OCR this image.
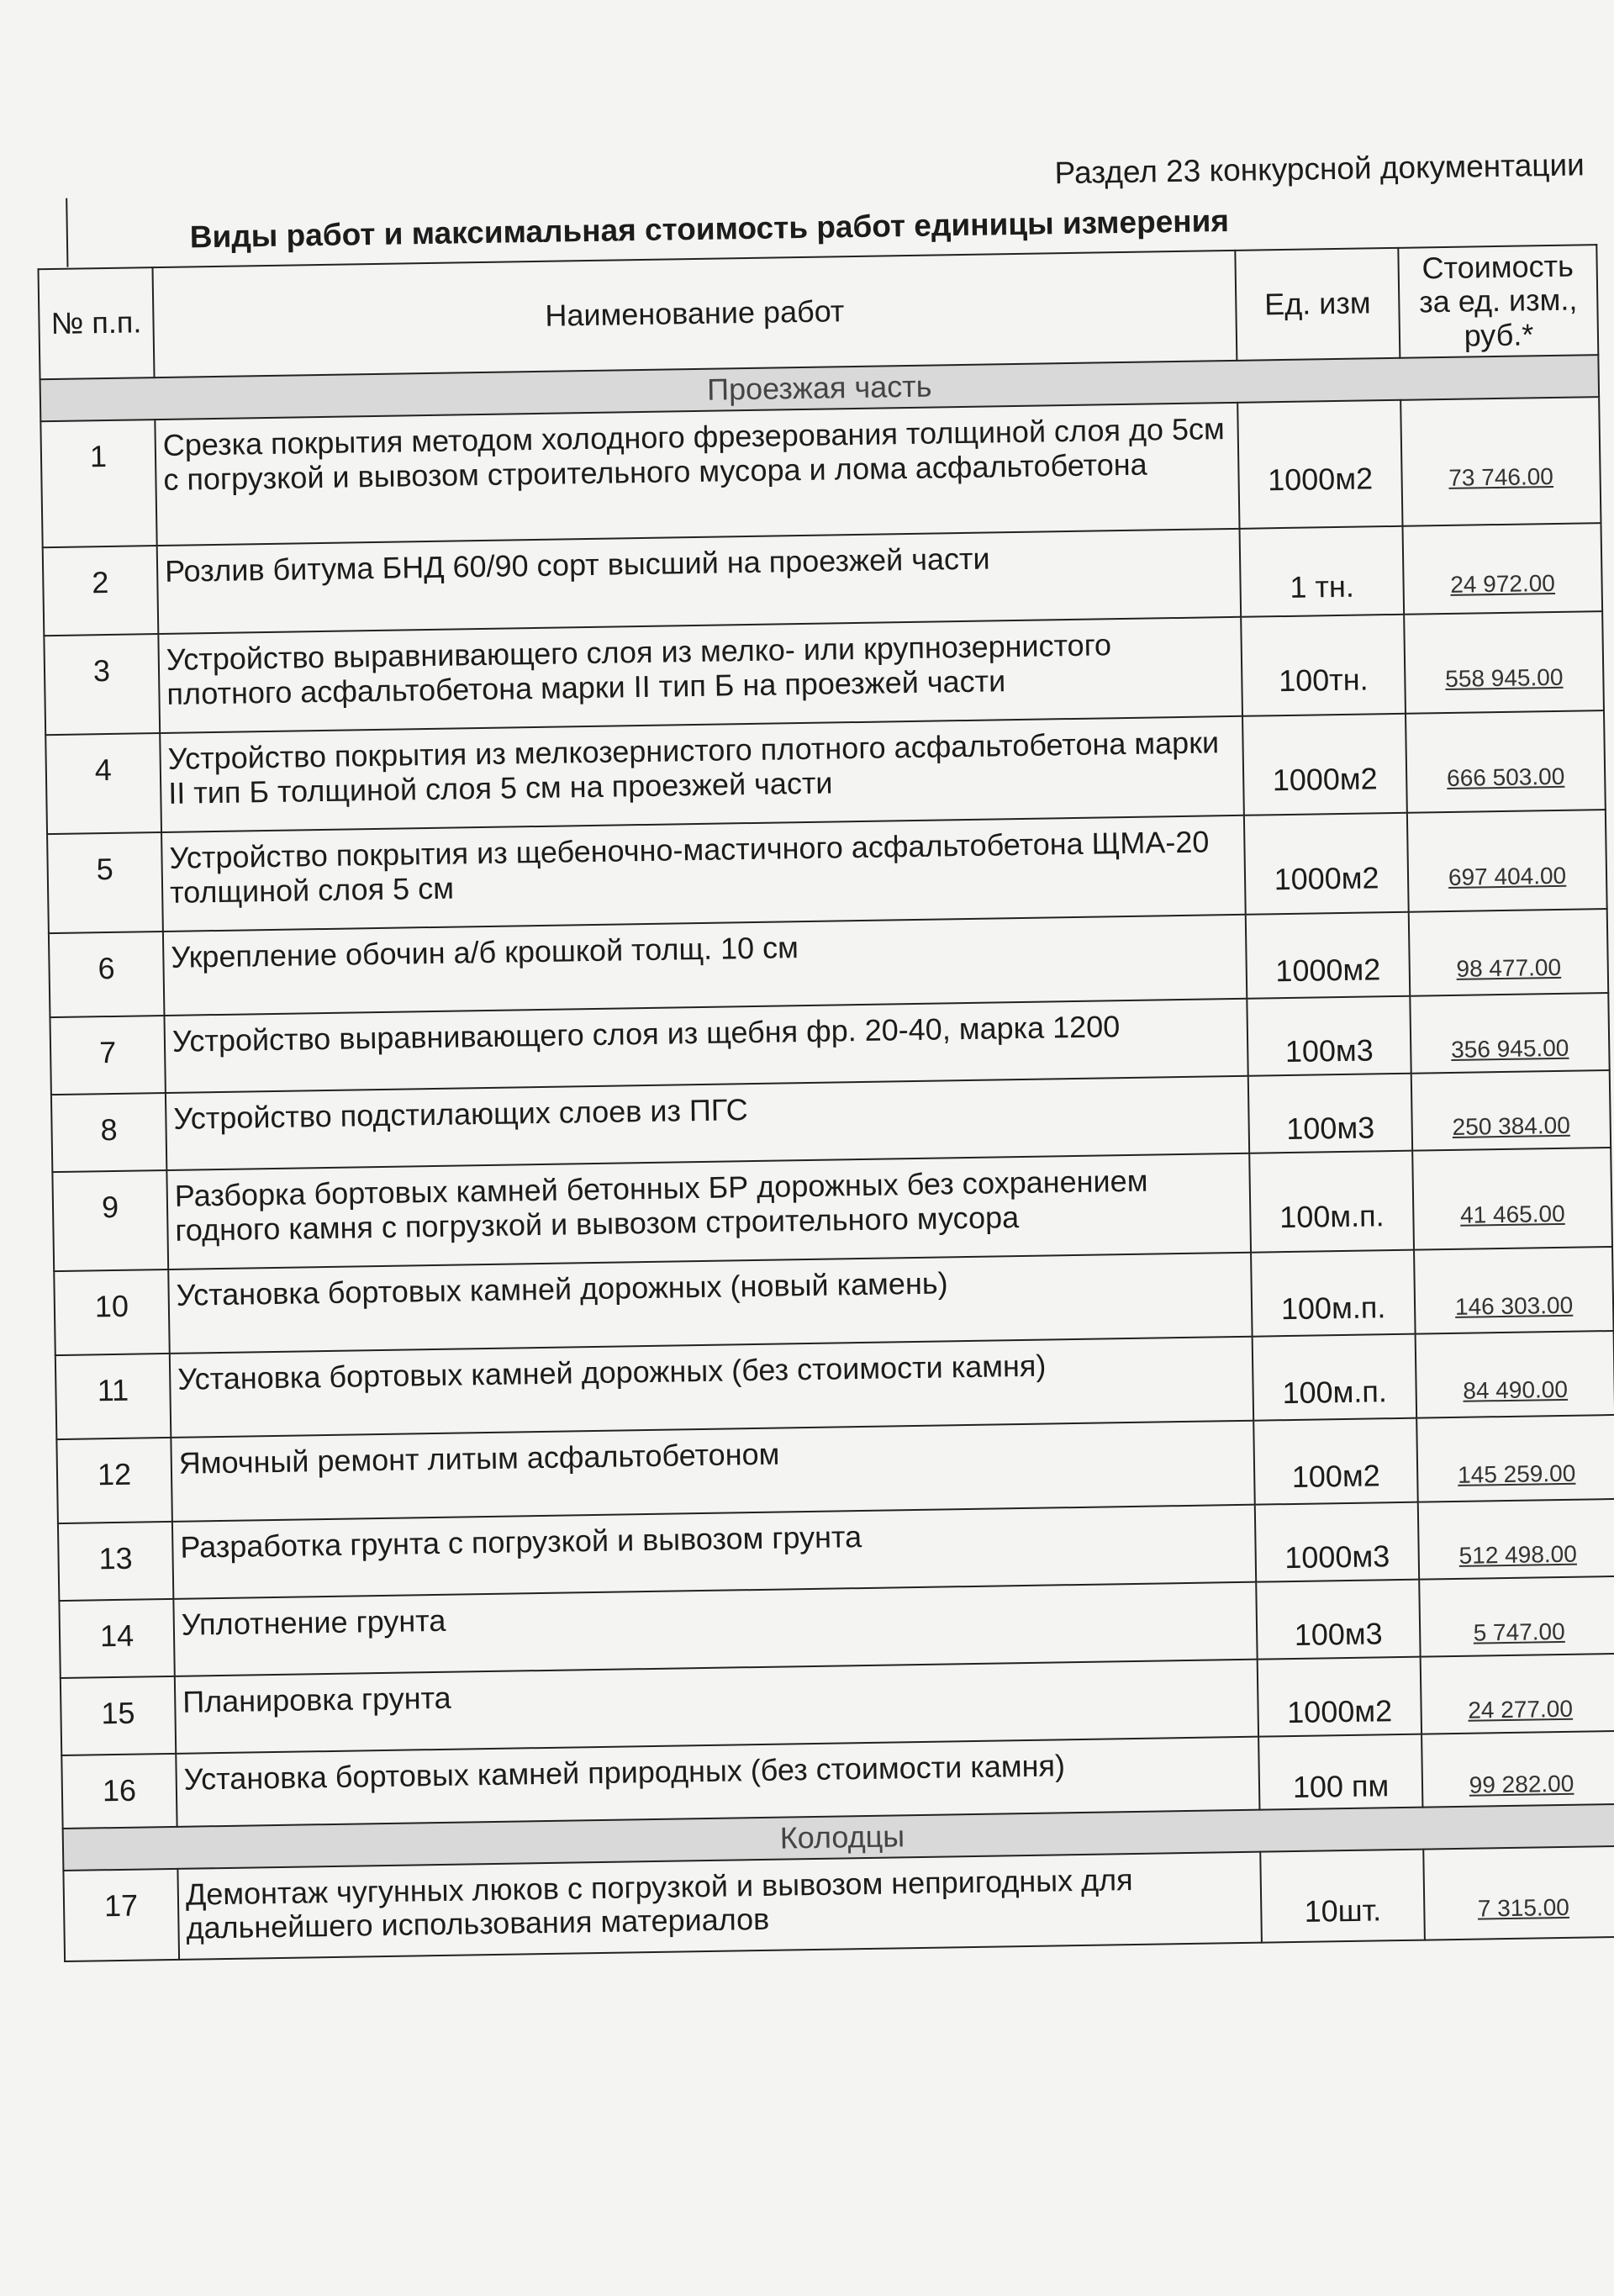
Раздел 23 конкурсной документации
Виды работ и максимальная стоимость работ единицы измерения
№ п.п.	Наименование работ	Ед. изм	Стоимость за ед. изм., руб.*
Проезжая часть			
1	Срезка покрытия методом холодного фрезерования толщиной слоя до 5см с погрузкой и вывозом строительного мусора и лома асфальтобетона	1000м2	73 746.00
2	Розлив битума БНД 60/90 сорт высший на проезжей части	1 тн.	24 972.00
3	Устройство выравнивающего слоя из мелко- или крупнозернистого плотного асфальтобетона марки II тип Б на проезжей части	100тн.	558 945.00
4	Устройство покрытия из мелкозернистого плотного асфальтобетона марки II тип Б толщиной слоя 5 см на проезжей части	1000м2	666 503.00
5	Устройство покрытия из щебеночно-мастичного асфальтобетона ЩМА-20 толщиной слоя 5 см	1000м2	697 404.00
6	Укрепление обочин а/б крошкой толщ. 10 см	1000м2	98 477.00
7	Устройство выравнивающего слоя из щебня фр. 20-40, марка 1200	100м3	356 945.00
8	Устройство подстилающих слоев из ПГС	100м3	250 384.00
9	Разборка бортовых камней бетонных БР дорожных без сохранением годного камня с погрузкой и вывозом строительного мусора	100м.п.	41 465.00
10	Установка бортовых камней дорожных (новый камень)	100м.п.	146 303.00
11	Установка бортовых камней дорожных (без стоимости камня)	100м.п.	84 490.00
12	Ямочный ремонт литым асфальтобетоном	100м2	145 259.00
13	Разработка грунта с погрузкой и вывозом грунта	1000м3	512 498.00
14	Уплотнение грунта	100м3	5 747.00
15	Планировка грунта	1000м2	24 277.00
16	Установка бортовых камней природных (без стоимости камня)	100 пм	99 282.00
Колодцы			
17	Демонтаж чугунных люков с погрузкой и вывозом непригодных для дальнейшего использования материалов	10шт.	7 315.00
